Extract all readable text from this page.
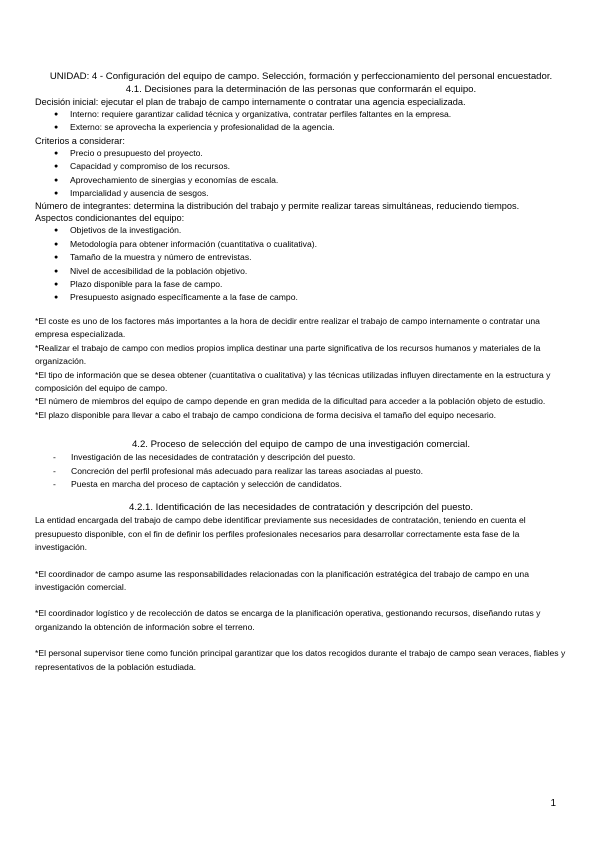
UNIDAD: 4 - Configuración del equipo de campo. Selección, formación y perfeccionamiento del personal encuestador.
4.1. Decisiones para la determinación de las personas que conformarán el equipo.

Decisión inicial: ejecutar el plan de trabajo de campo internamente o contratar una agencia especializada.

● Interno: requiere garantizar calidad técnica y organizativa, contratar perfiles faltantes en la empresa.
● Externo: se aprovecha la experiencia y profesionalidad de la agencia.

Criterios a considerar:

● Precio o presupuesto del proyecto.
● Capacidad y compromiso de los recursos.
● Aprovechamiento de sinergias y economías de escala.
● Imparcialidad y ausencia de sesgos.

Número de integrantes: determina la distribución del trabajo y permite realizar tareas simultáneas, reduciendo tiempos.

Aspectos condicionantes del equipo:

● Objetivos de la investigación.
● Metodología para obtener información (cuantitativa o cualitativa).
● Tamaño de la muestra y número de entrevistas.
● Nivel de accesibilidad de la población objetivo.
● Plazo disponible para la fase de campo.
● Presupuesto asignado específicamente a la fase de campo.

*El coste es uno de los factores más importantes a la hora de decidir entre realizar el trabajo de campo internamente o contratar una empresa especializada.

*Realizar el trabajo de campo con medios propios implica destinar una parte significativa de los recursos humanos y materiales de la organización.

*El tipo de información que se desea obtener (cuantitativa o cualitativa) y las técnicas utilizadas influyen directamente en la estructura y composición del equipo de campo.

*El número de miembros del equipo de campo depende en gran medida de la dificultad para acceder a la población objeto de estudio.

*El plazo disponible para llevar a cabo el trabajo de campo condiciona de forma decisiva el tamaño del equipo necesario.

4.2. Proceso de selección del equipo de campo de una investigación comercial.
- Investigación de las necesidades de contratación y descripción del puesto.
- Concreción del perfil profesional más adecuado para realizar las tareas asociadas al puesto.
- Puesta en marcha del proceso de captación y selección de candidatos.
4.2.1. Identificación de las necesidades de contratación y descripción del puesto.

La entidad encargada del trabajo de campo debe identificar previamente sus necesidades de contratación, teniendo en cuenta el presupuesto disponible, con el fin de definir los perfiles profesionales necesarios para desarrollar correctamente esta fase de la investigación.

*El coordinador de campo asume las responsabilidades relacionadas con la planificación estratégica del trabajo de campo en una investigación comercial.

*El coordinador logístico y de recolección de datos se encarga de la planificación operativa, gestionando recursos, diseñando rutas y organizando la obtención de información sobre el terreno.

*El personal supervisor tiene como función principal garantizar que los datos recogidos durante el trabajo de campo sean veraces, fiables y representativos de la población estudiada.

1
